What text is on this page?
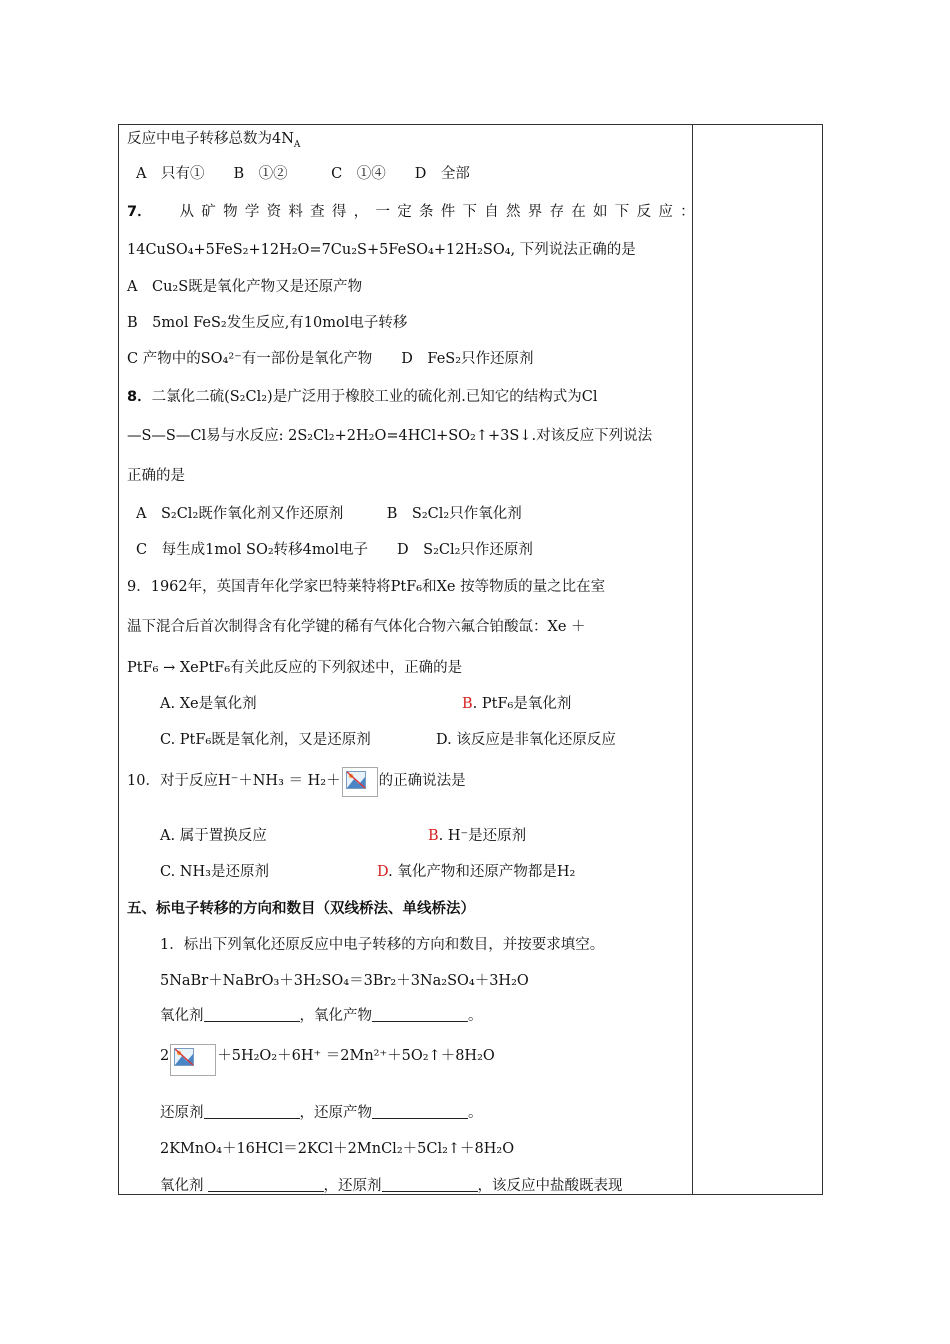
反应中电子转移总数为$4N_A$
A　只有①　　B　①②　　　C　①④　　D　全部
7． 从矿物学资料查得，一定条件下自然界存在如下反应：
14CuSO₄+5FeS₂+12H₂O=7Cu₂S+5FeSO₄+12H₂SO₄, 下列说法正确的是
A　Cu₂S既是氧化产物又是还原产物
B　5mol FeS₂发生反应,有10mol电子转移
C 产物中的SO₄²⁻有一部份是氧化产物　　D　FeS₂只作还原剂
8．二氯化二硫(S₂Cl₂)是广泛用于橡胶工业的硫化剂.已知它的结构式为Cl
—S—S—Cl易与水反应: 2S₂Cl₂+2H₂O=4HCl+SO₂↑+3S↓.对该反应下列说法
正确的是
A　S₂Cl₂既作氧化剂又作还原剂　　　B　S₂Cl₂只作氧化剂
C　每生成1mol SO₂转移4mol电子　　D　S₂Cl₂只作还原剂
9．1962年，英国青年化学家巴特莱特将PtF₆和Xe 按等物质的量之比在室
温下混合后首次制得含有化学键的稀有气体化合物六氟合铂酸氙：Xe ＋
PtF₆ → XePtF₆有关此反应的下列叙述中，正确的是
A. Xe是氧化剂	B. PtF₆是氧化剂
C. PtF₆既是氧化剂，又是还原剂	D. 该反应是非氧化还原反应
10．对于反应H⁻＋NH₃ ＝ H₂＋	的正确说法是
A. 属于置换反应	B. H⁻是还原剂
C. NH₃是还原剂	D. 氧化产物和还原产物都是H₂
五、标电子转移的方向和数目（双线桥法、单线桥法）
1．标出下列氧化还原反应中电子转移的方向和数目，并按要求填空。
5NaBr＋NaBrO₃＋3H₂SO₄＝3Br₂＋3Na₂SO₄＋3H₂O
氧化剂	，氧化产物	。
2	＋5H₂O₂＋6H⁺ ＝2Mn²⁺＋5O₂↑＋8H₂O
还原剂	，还原产物	。
2KMnO₄＋16HCl＝2KCl＋2MnCl₂＋5Cl₂↑＋8H₂O
氧化剂	，还原剂	，该反应中盐酸既表现
